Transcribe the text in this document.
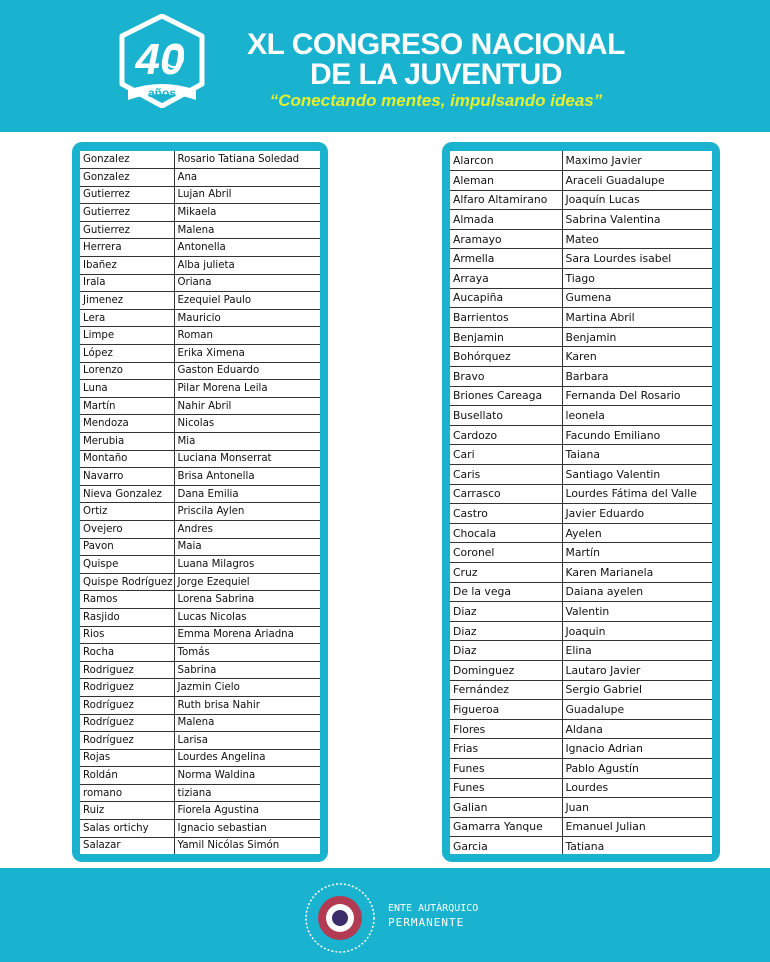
40
años
XL CONGRESO NACIONAL
DE LA JUVENTUD
“Conectando mentes, impulsando ideas”
Gonzalez	Rosario Tatiana Soledad
Gonzalez	Ana
Gutierrez	Lujan Abril
Gutierrez	Mikaela
Gutierrez	Malena
Herrera	Antonella
Ibañez	Alba julieta
Irala	Oriana
Jimenez	Ezequiel Paulo
Lera	Mauricio
Limpe	Roman
López	Erika Ximena
Lorenzo	Gaston Eduardo
Luna	Pilar Morena Leila
Martín	Nahir Abril
Mendoza	Nicolas
Merubia	Mia
Montaño	Luciana Monserrat
Navarro	Brisa Antonella
Nieva Gonzalez	Dana Emilia
Ortiz	Priscila Aylen
Ovejero	Andres
Pavon	Maia
Quispe	Luana Milagros
Quispe Rodríguez	Jorge Ezequiel
Ramos	Lorena Sabrina
Rasjido	Lucas Nicolas
Rios	Emma Morena Ariadna
Rocha	Tomás
Rodriguez	Sabrina
Rodriguez	Jazmin Cielo
Rodríguez	Ruth brisa Nahir
Rodríguez	Malena
Rodríguez	Larisa
Rojas	Lourdes Angelina
Roldán	Norma Waldina
romano	tiziana
Ruiz	Fiorela Agustina
Salas ortichy	Ignacio sebastian
Salazar	Yamil Nicólas Simón
Alarcon	Maximo Javier
Aleman	Araceli Guadalupe
Alfaro Altamirano	Joaquín Lucas
Almada	Sabrina Valentina
Aramayo	Mateo
Armella	Sara Lourdes isabel
Arraya	Tiago
Aucapiña	Gumena
Barrientos	Martina Abril
Benjamin	Benjamin
Bohórquez	Karen
Bravo	Barbara
Briones Careaga	Fernanda Del Rosario
Busellato	leonela
Cardozo	Facundo Emiliano
Cari	Taiana
Caris	Santiago Valentin
Carrasco	Lourdes Fátima del Valle
Castro	Javier Eduardo
Chocala	Ayelen
Coronel	Martín
Cruz	Karen Marianela
De la vega	Daiana ayelen
Diaz	Valentin
Diaz	Joaquin
Diaz	Elina
Dominguez	Lautaro Javier
Fernández	Sergio Gabriel
Figueroa	Guadalupe
Flores	Aldana
Frias	Ignacio Adrian
Funes	Pablo Agustín
Funes	Lourdes
Galian	Juan
Gamarra Yanque	Emanuel Julian
Garcia	Tatiana
ENTE AUTÁRQUICO
PERMANENTE
